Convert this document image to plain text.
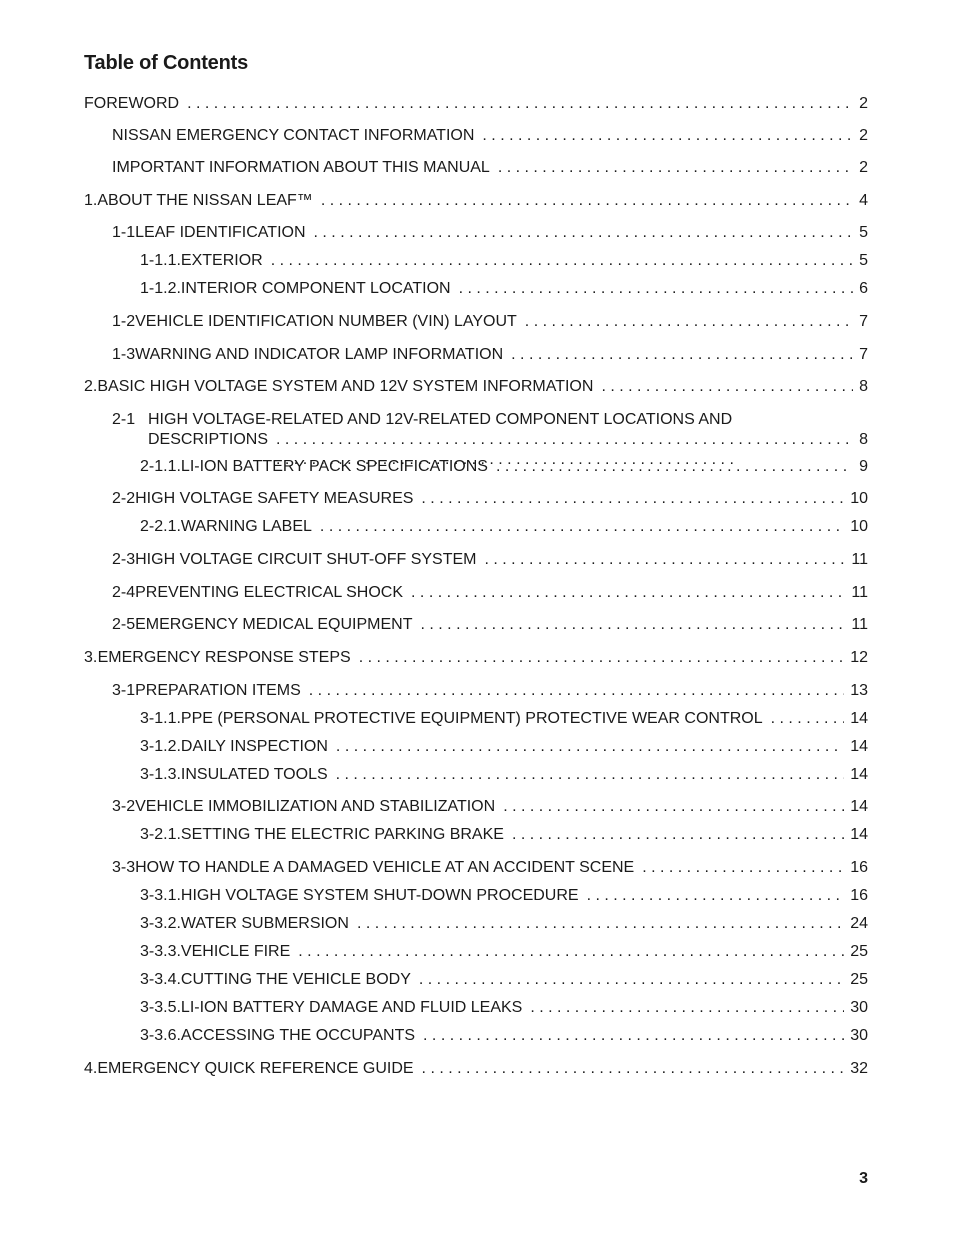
Table of Contents
FOREWORD . . .	2
NISSAN EMERGENCY CONTACT INFORMATION . . .	2
IMPORTANT INFORMATION ABOUT THIS MANUAL . . .	2
1. ABOUT THE NISSAN LEAF™ . . .	4
1-1 LEAF IDENTIFICATION . . .	5
1-1.1. EXTERIOR . . .	5
1-1.2. INTERIOR COMPONENT LOCATION . . .	6
1-2 VEHICLE IDENTIFICATION NUMBER (VIN) LAYOUT . . .	7
1-3 WARNING AND INDICATOR LAMP INFORMATION . . .	7
2. BASIC HIGH VOLTAGE SYSTEM AND 12V SYSTEM INFORMATION . . .	8
2-1 HIGH VOLTAGE-RELATED AND 12V-RELATED COMPONENT LOCATIONS AND
DESCRIPTIONS . . .	8
2-1.1. LI-ION BATTERY PACK SPECIFICATIONS . . .	9
2-2 HIGH VOLTAGE SAFETY MEASURES . . .	10
2-2.1. WARNING LABEL . . .	10
2-3 HIGH VOLTAGE CIRCUIT SHUT-OFF SYSTEM . . .	11
2-4 PREVENTING ELECTRICAL SHOCK . . .	11
2-5 EMERGENCY MEDICAL EQUIPMENT . . .	11
3. EMERGENCY RESPONSE STEPS . . .	12
3-1 PREPARATION ITEMS . . .	13
3-1.1. PPE (PERSONAL PROTECTIVE EQUIPMENT) PROTECTIVE WEAR CONTROL . . .	14
3-1.2. DAILY INSPECTION . . .	14
3-1.3. INSULATED TOOLS . . .	14
3-2 VEHICLE IMMOBILIZATION AND STABILIZATION . . .	14
3-2.1. SETTING THE ELECTRIC PARKING BRAKE . . .	14
3-3 HOW TO HANDLE A DAMAGED VEHICLE AT AN ACCIDENT SCENE . . .	16
3-3.1. HIGH VOLTAGE SYSTEM SHUT-DOWN PROCEDURE . . .	16
3-3.2. WATER SUBMERSION . . .	24
3-3.3. VEHICLE FIRE . . .	25
3-3.4. CUTTING THE VEHICLE BODY . . .	25
3-3.5. LI-ION BATTERY DAMAGE AND FLUID LEAKS . . .	30
3-3.6. ACCESSING THE OCCUPANTS . . .	30
4. EMERGENCY QUICK REFERENCE GUIDE . . .	32
3
